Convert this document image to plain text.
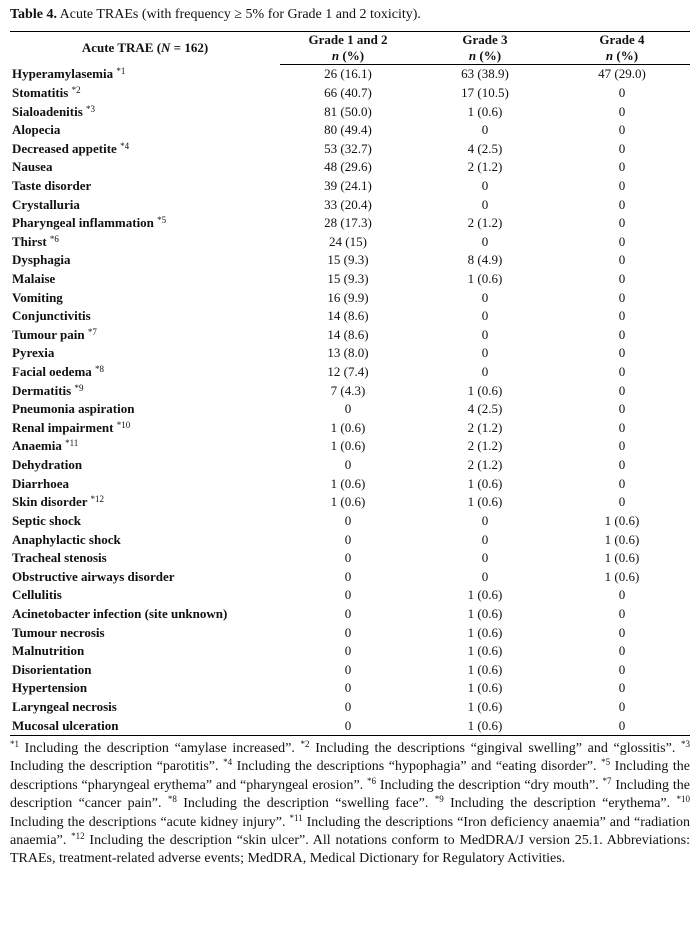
Table 4. Acute TRAEs (with frequency ≥ 5% for Grade 1 and 2 toxicity).
Acute TRAE (N = 162)	Grade 1 and 2	Grade 3	Grade 4
	n (%)	n (%)	n (%)
Hyperamylasemia $^{*1}$	26 (16.1)	63 (38.9)	47 (29.0)
Stomatitis $^{*2}$	66 (40.7)	17 (10.5)	0
Sialoadenitis $^{*3}$	81 (50.0)	1 (0.6)	0
Alopecia	80 (49.4)	0	0
Decreased appetite $^{*4}$	53 (32.7)	4 (2.5)	0
Nausea	48 (29.6)	2 (1.2)	0
Taste disorder	39 (24.1)	0	0
Crystalluria	33 (20.4)	0	0
Pharyngeal inflammation $^{*5}$	28 (17.3)	2 (1.2)	0
Thirst $^{*6}$	24 (15)	0	0
Dysphagia	15 (9.3)	8 (4.9)	0
Malaise	15 (9.3)	1 (0.6)	0
Vomiting	16 (9.9)	0	0
Conjunctivitis	14 (8.6)	0	0
Tumour pain $^{*7}$	14 (8.6)	0	0
Pyrexia	13 (8.0)	0	0
Facial oedema $^{*8}$	12 (7.4)	0	0
Dermatitis $^{*9}$	7 (4.3)	1 (0.6)	0
Pneumonia aspiration	0	4 (2.5)	0
Renal impairment $^{*10}$	1 (0.6)	2 (1.2)	0
Anaemia $^{*11}$	1 (0.6)	2 (1.2)	0
Dehydration	0	2 (1.2)	0
Diarrhoea	1 (0.6)	1 (0.6)	0
Skin disorder $^{*12}$	1 (0.6)	1 (0.6)	0
Septic shock	0	0	1 (0.6)
Anaphylactic shock	0	0	1 (0.6)
Tracheal stenosis	0	0	1 (0.6)
Obstructive airways disorder	0	0	1 (0.6)
Cellulitis	0	1 (0.6)	0
Acinetobacter infection (site unknown)	0	1 (0.6)	0
Tumour necrosis	0	1 (0.6)	0
Malnutrition	0	1 (0.6)	0
Disorientation	0	1 (0.6)	0
Hypertension	0	1 (0.6)	0
Laryngeal necrosis	0	1 (0.6)	0
Mucosal ulceration	0	1 (0.6)	0
$^{*1}$ Including the description “amylase increased”. $^{*2}$ Including the descriptions “gingival swelling” and “glossitis”. $^{*3}$ Including the description “parotitis”. $^{*4}$ Including the descriptions “hypophagia” and “eating disorder”. $^{*5}$ Including the descriptions “pharyngeal erythema” and “pharyngeal erosion”. $^{*6}$ Including the description “dry mouth”. $^{*7}$ Including the description “cancer pain”. $^{*8}$ Including the description “swelling face”. $^{*9}$ Including the description “erythema”. $^{*10}$ Including the descriptions “acute kidney injury”. $^{*11}$ Including the descriptions “Iron deficiency anaemia” and “radiation anaemia”. $^{*12}$ Including the description “skin ulcer”. All notations conform to MedDRA/J version 25.1. Abbreviations: TRAEs, treatment-related adverse events; MedDRA, Medical Dictionary for Regulatory Activities.
